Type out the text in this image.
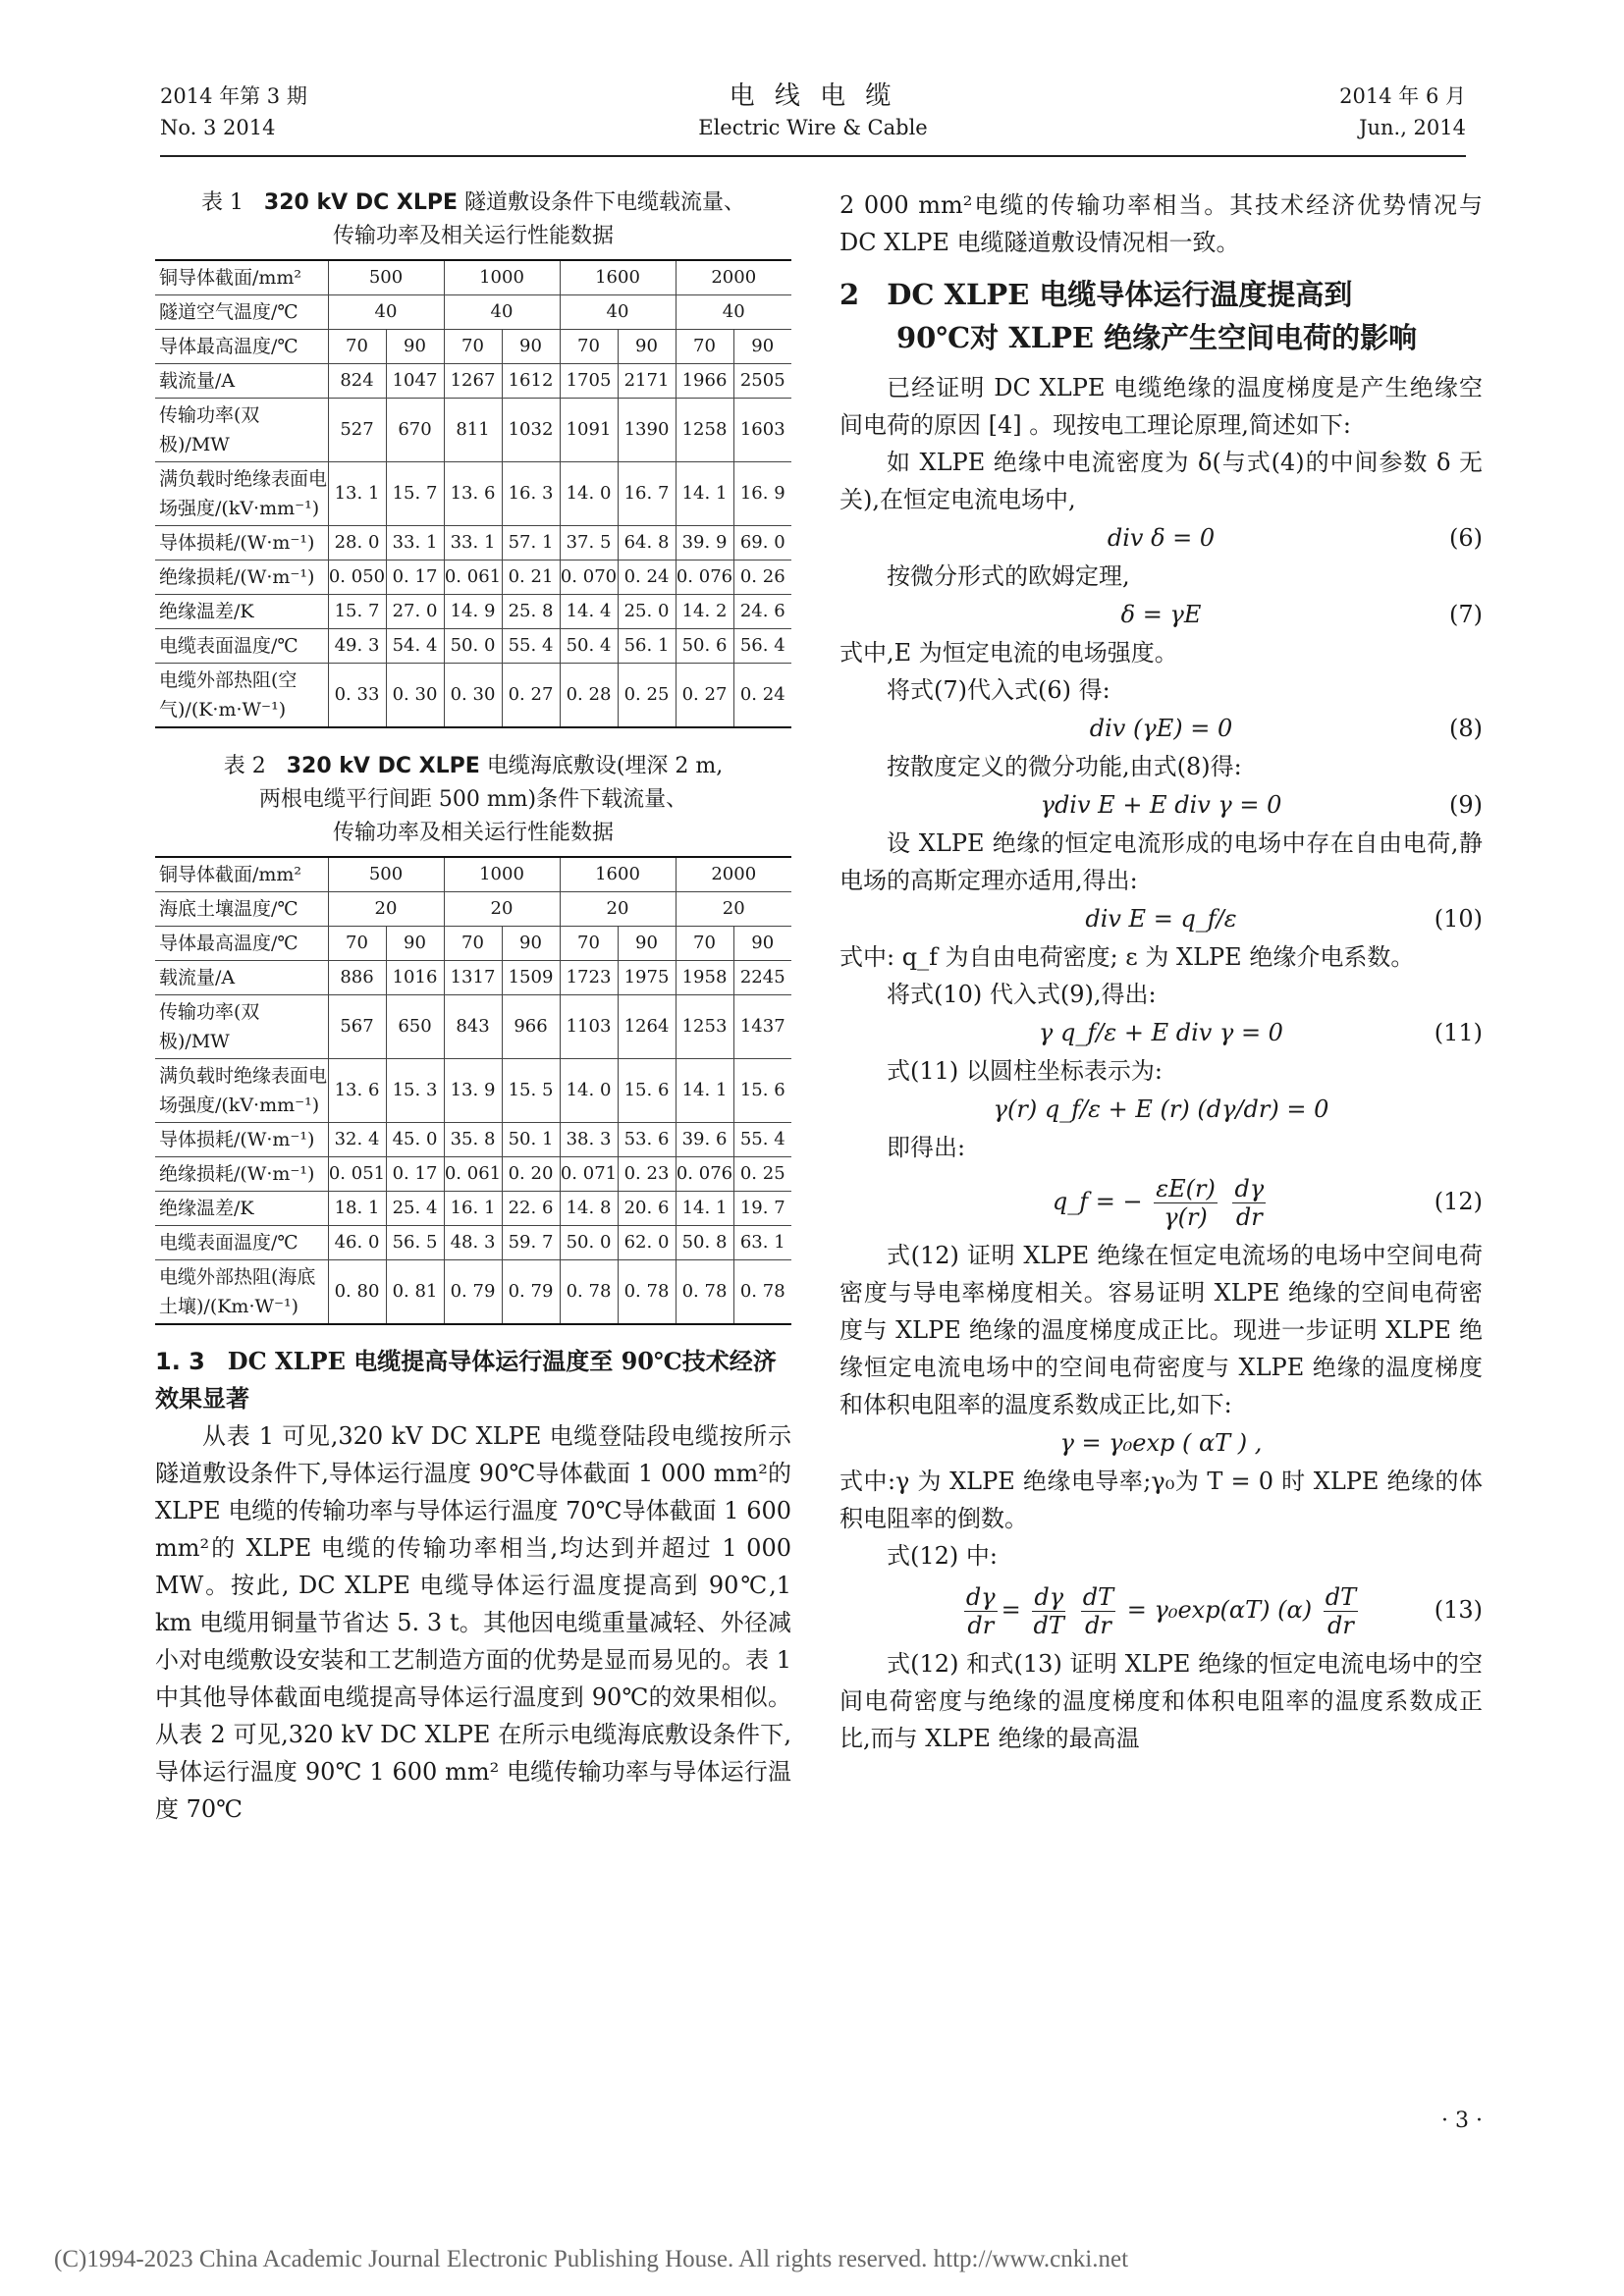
2014 年第 3 期
No. 3 2014
电 线 电 缆
Electric Wire & Cable
2014 年 6 月
Jun., 2014
表 1 320 kV DC XLPE 隧道敷设条件下电缆载流量、
传输功率及相关运行性能数据
铜导体截面/mm²	500		1000		1600		2000	
隧道空气温度/℃	40		40		40		40	
导体最高温度/℃	70	90	70	90	70	90	70	90
载流量/A	824	1047	1267	1612	1705	2171	1966	2505
传输功率(双极)/MW	527	670	811	1032	1091	1390	1258	1603
满负载时绝缘表面电场强度/(kV·mm⁻¹)	13. 1	15. 7	13. 6	16. 3	14. 0	16. 7	14. 1	16. 9
导体损耗/(W·m⁻¹)	28. 0	33. 1	33. 1	57. 1	37. 5	64. 8	39. 9	69. 0
绝缘损耗/(W·m⁻¹)	0. 050	0. 17	0. 061	0. 21	0. 070	0. 24	0. 076	0. 26
绝缘温差/K	15. 7	27. 0	14. 9	25. 8	14. 4	25. 0	14. 2	24. 6
电缆表面温度/℃	49. 3	54. 4	50. 0	55. 4	50. 4	56. 1	50. 6	56. 4
电缆外部热阻(空气)/(K·m·W⁻¹)	0. 33	0. 30	0. 30	0. 27	0. 28	0. 25	0. 27	0. 24
表 2 320 kV DC XLPE 电缆海底敷设(埋深 2 m,
两根电缆平行间距 500 mm)条件下载流量、
传输功率及相关运行性能数据
铜导体截面/mm²	500		1000		1600		2000	
海底土壤温度/℃	20		20		20		20	
导体最高温度/℃	70	90	70	90	70	90	70	90
载流量/A	886	1016	1317	1509	1723	1975	1958	2245
传输功率(双极)/MW	567	650	843	966	1103	1264	1253	1437
满负载时绝缘表面电场强度/(kV·mm⁻¹)	13. 6	15. 3	13. 9	15. 5	14. 0	15. 6	14. 1	15. 6
导体损耗/(W·m⁻¹)	32. 4	45. 0	35. 8	50. 1	38. 3	53. 6	39. 6	55. 4
绝缘损耗/(W·m⁻¹)	0. 051	0. 17	0. 061	0. 20	0. 071	0. 23	0. 076	0. 25
绝缘温差/K	18. 1	25. 4	16. 1	22. 6	14. 8	20. 6	14. 1	19. 7
电缆表面温度/℃	46. 0	56. 5	48. 3	59. 7	50. 0	62. 0	50. 8	63. 1
电缆外部热阻(海底土壤)/(Km·W⁻¹)	0. 80	0. 81	0. 79	0. 79	0. 78	0. 78	0. 78	0. 78
1. 3 DC XLPE 电缆提高导体运行温度至 90℃技术经济效果显著

从表 1 可见,320 kV DC XLPE 电缆登陆段电缆按所示隧道敷设条件下,导体运行温度 90℃导体截面 1 000 mm²的 XLPE 电缆的传输功率与导体运行温度 70℃导体截面 1 600 mm²的 XLPE 电缆的传输功率相当,均达到并超过 1 000 MW。按此, DC XLPE 电缆导体运行温度提高到 90℃,1 km 电缆用铜量节省达 5. 3 t。其他因电缆重量减轻、外径减小对电缆敷设安装和工艺制造方面的优势是显而易见的。表 1 中其他导体截面电缆提高导体运行温度到 90℃的效果相似。从表 2 可见,320 kV DC XLPE 在所示电缆海底敷设条件下,导体运行温度 90℃ 1 600 mm² 电缆传输功率与导体运行温度 70℃

2 000 mm²电缆的传输功率相当。其技术经济优势情况与 DC XLPE 电缆隧道敷设情况相一致。

2 DC XLPE 电缆导体运行温度提高到
90℃对 XLPE 绝缘产生空间电荷的影响

已经证明 DC XLPE 电缆绝缘的温度梯度是产生绝缘空间电荷的原因 [4] 。现按电工理论原理,简述如下:

如 XLPE 绝缘中电流密度为 δ(与式(4)的中间参数 δ 无关),在恒定电流电场中,

div δ = 0	(6)

按微分形式的欧姆定理,

δ = γE	(7)

式中,E 为恒定电流的电场强度。

将式(7)代入式(6) 得:

div (γE) = 0	(8)

按散度定义的微分功能,由式(8)得:

γdiv E + E div γ = 0	(9)

设 XLPE 绝缘的恒定电流形成的电场中存在自由电荷,静电场的高斯定理亦适用,得出:

div E = q_f/ε	(10)

式中: q_f 为自由电荷密度; ε 为 XLPE 绝缘介电系数。

将式(10) 代入式(9),得出:

γ q_f/ε + E div γ = 0	(11)

式(11) 以圆柱坐标表示为:

γ(r) q_f/ε + E (r) (dγ/dr) = 0

即得出:

q_f = − $\frac{\varepsilon E(r)}{\gamma(r)}$
$\frac{d\gamma}{dr}$	(12)

式(12) 证明 XLPE 绝缘在恒定电流场的电场中空间电荷密度与导电率梯度相关。容易证明 XLPE 绝缘的空间电荷密度与 XLPE 绝缘的温度梯度成正比。现进一步证明 XLPE 绝缘恒定电流电场中的空间电荷密度与 XLPE 绝缘的温度梯度和体积电阻率的温度系数成正比,如下:

γ = γ₀exp ( αT ) ,

式中:γ 为 XLPE 绝缘电导率;γ₀为 T = 0 时 XLPE 绝缘的体积电阻率的倒数。

式(12) 中:

$\frac{d\gamma}{dr} = \frac{d\gamma}{dT}$
$\frac{dT}{dr} = \gamma_0\exp(\alpha T)$ $(\alpha) \frac{dT}{dr}$	(13)

式(12) 和式(13) 证明 XLPE 绝缘的恒定电流电场中的空间电荷密度与绝缘的温度梯度和体积电阻率的温度系数成正比,而与 XLPE 绝缘的最高温

· 3 ·
(C)1994-2023 China Academic Journal Electronic Publishing House. All rights reserved. http://www.cnki.net
